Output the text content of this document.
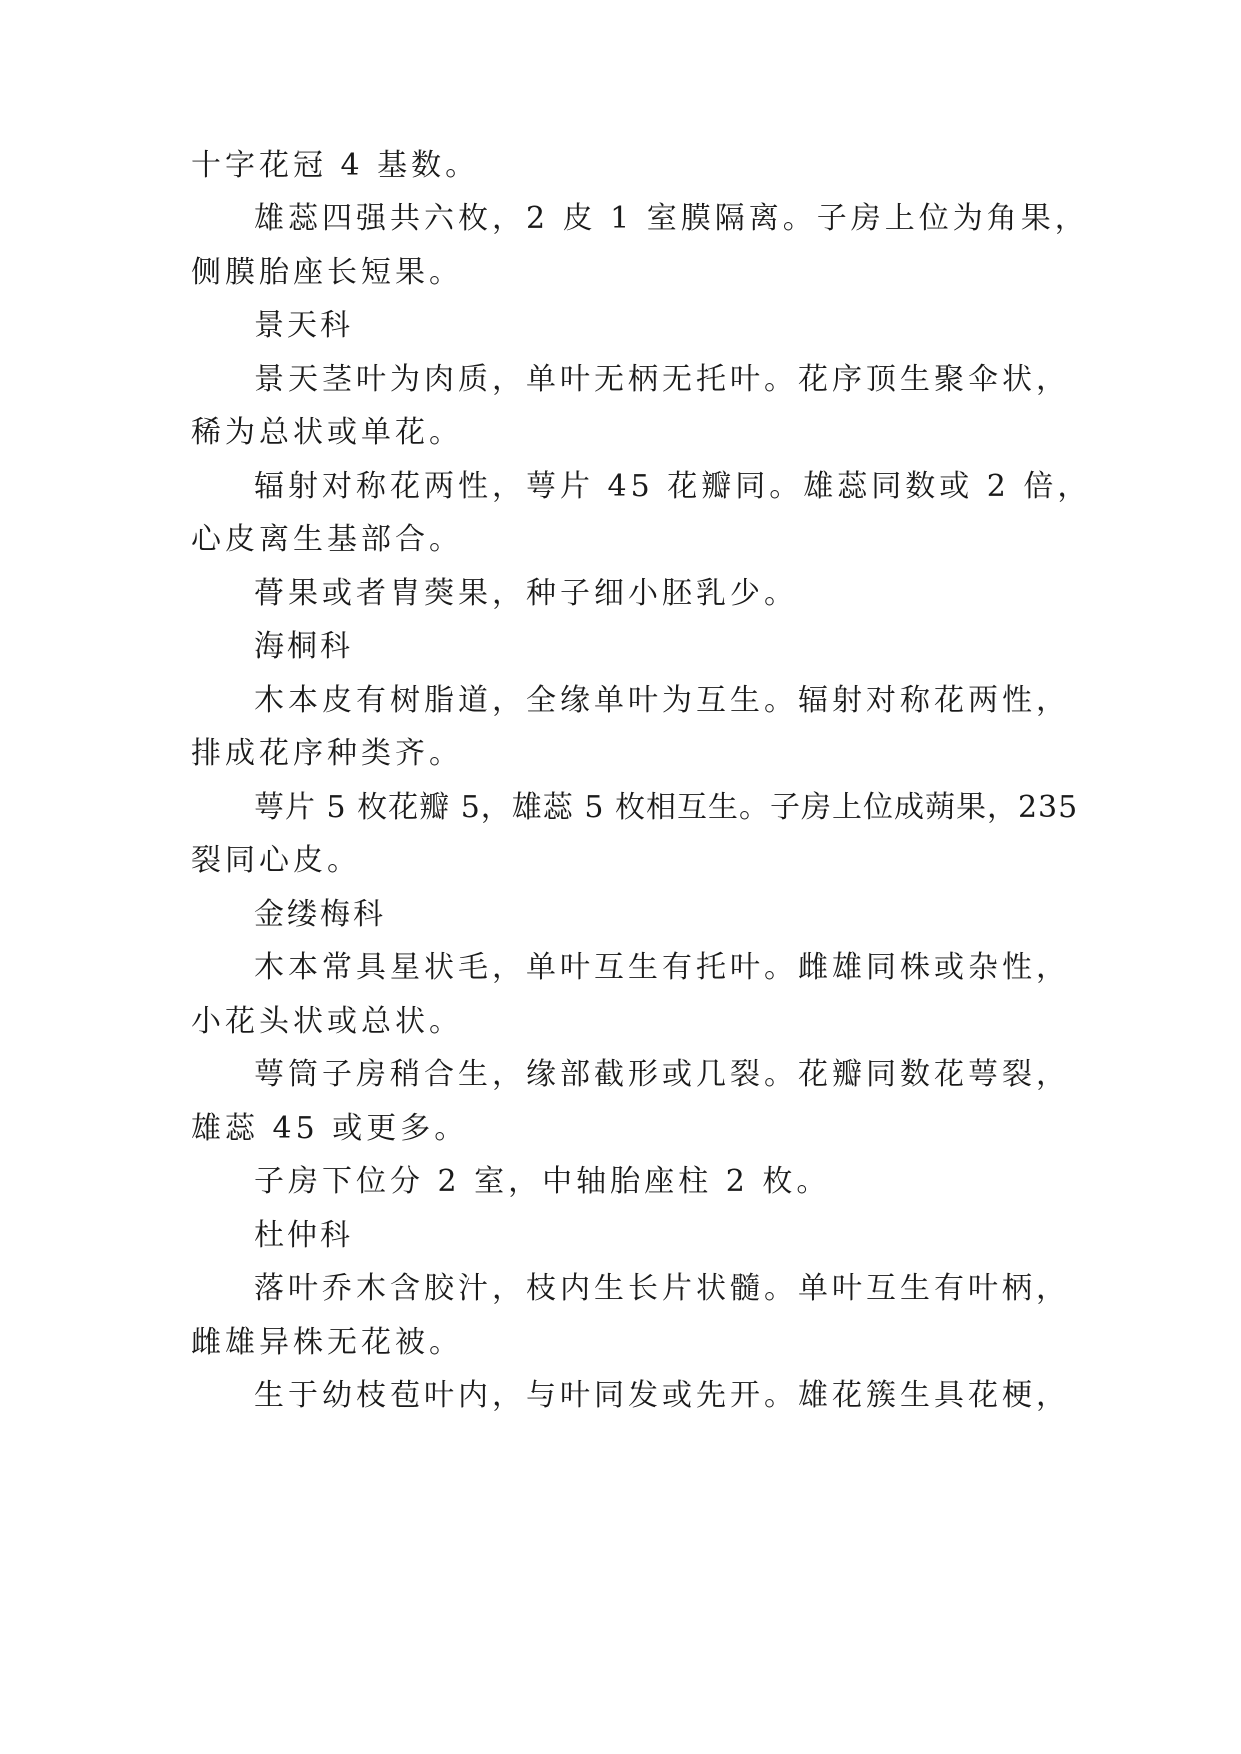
十字花冠 4 基数。
雄蕊四强共六枚，2 皮 1 室膜隔离。子房上位为角果，
侧膜胎座长短果。
景天科
景天茎叶为肉质，单叶无柄无托叶。花序顶生聚伞状，
稀为总状或单花。
辐射对称花两性，萼片 45 花瓣同。雄蕊同数或 2 倍，
心皮离生基部合。
蓇果或者胄葖果，种子细小胚乳少。
海桐科
木本皮有树脂道，全缘单叶为互生。辐射对称花两性，
排成花序种类齐。
萼片 5 枚花瓣 5，雄蕊 5 枚相互生。子房上位成蒴果，235
裂同心皮。
金缕梅科
木本常具星状毛，单叶互生有托叶。雌雄同株或杂性，
小花头状或总状。
萼筒子房稍合生，缘部截形或几裂。花瓣同数花萼裂，
雄蕊 45 或更多。
子房下位分 2 室，中轴胎座柱 2 枚。
杜仲科
落叶乔木含胶汁，枝内生长片状髓。单叶互生有叶柄，
雌雄异株无花被。
生于幼枝苞叶内，与叶同发或先开。雄花簇生具花梗，
